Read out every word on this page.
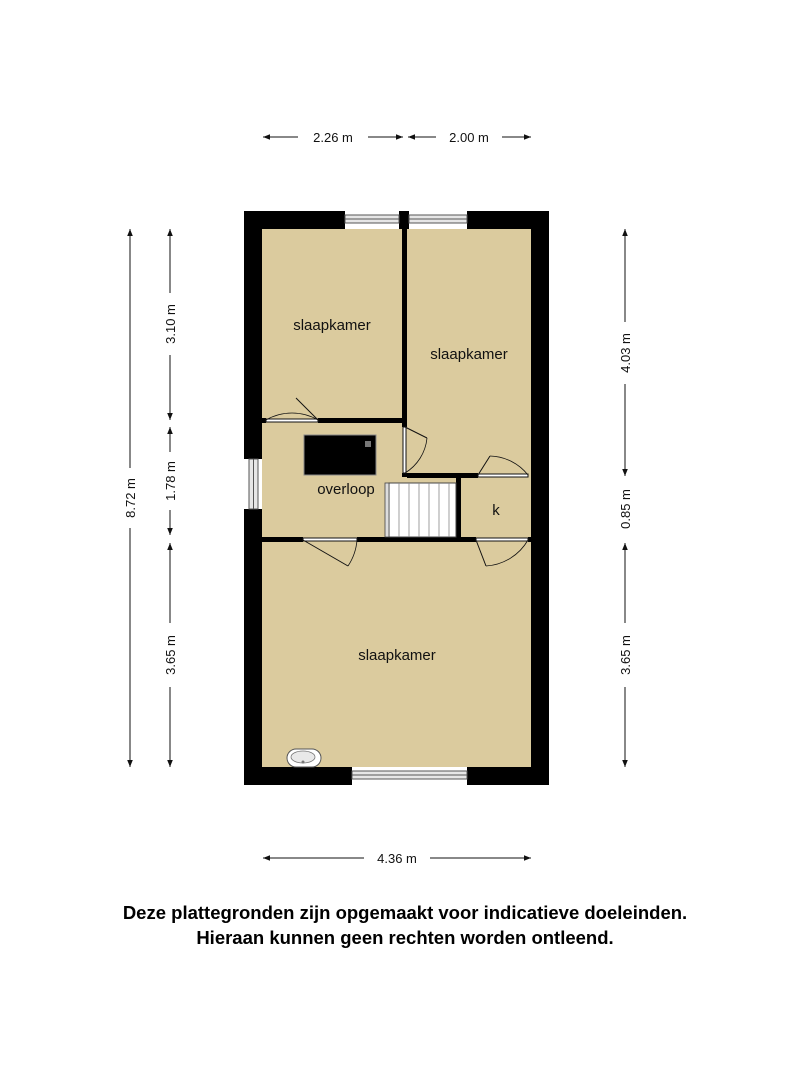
slaapkamer
slaapkamer
overloop
k
slaapkamer
2.26 m	2.00 m
4.36 m
8.72 m
3.10 m
1.78 m
3.65 m
4.03 m
0.85 m
3.65 m
Deze plattegronden zijn opgemaakt voor indicatieve doeleinden.
Hieraan kunnen geen rechten worden ontleend.
